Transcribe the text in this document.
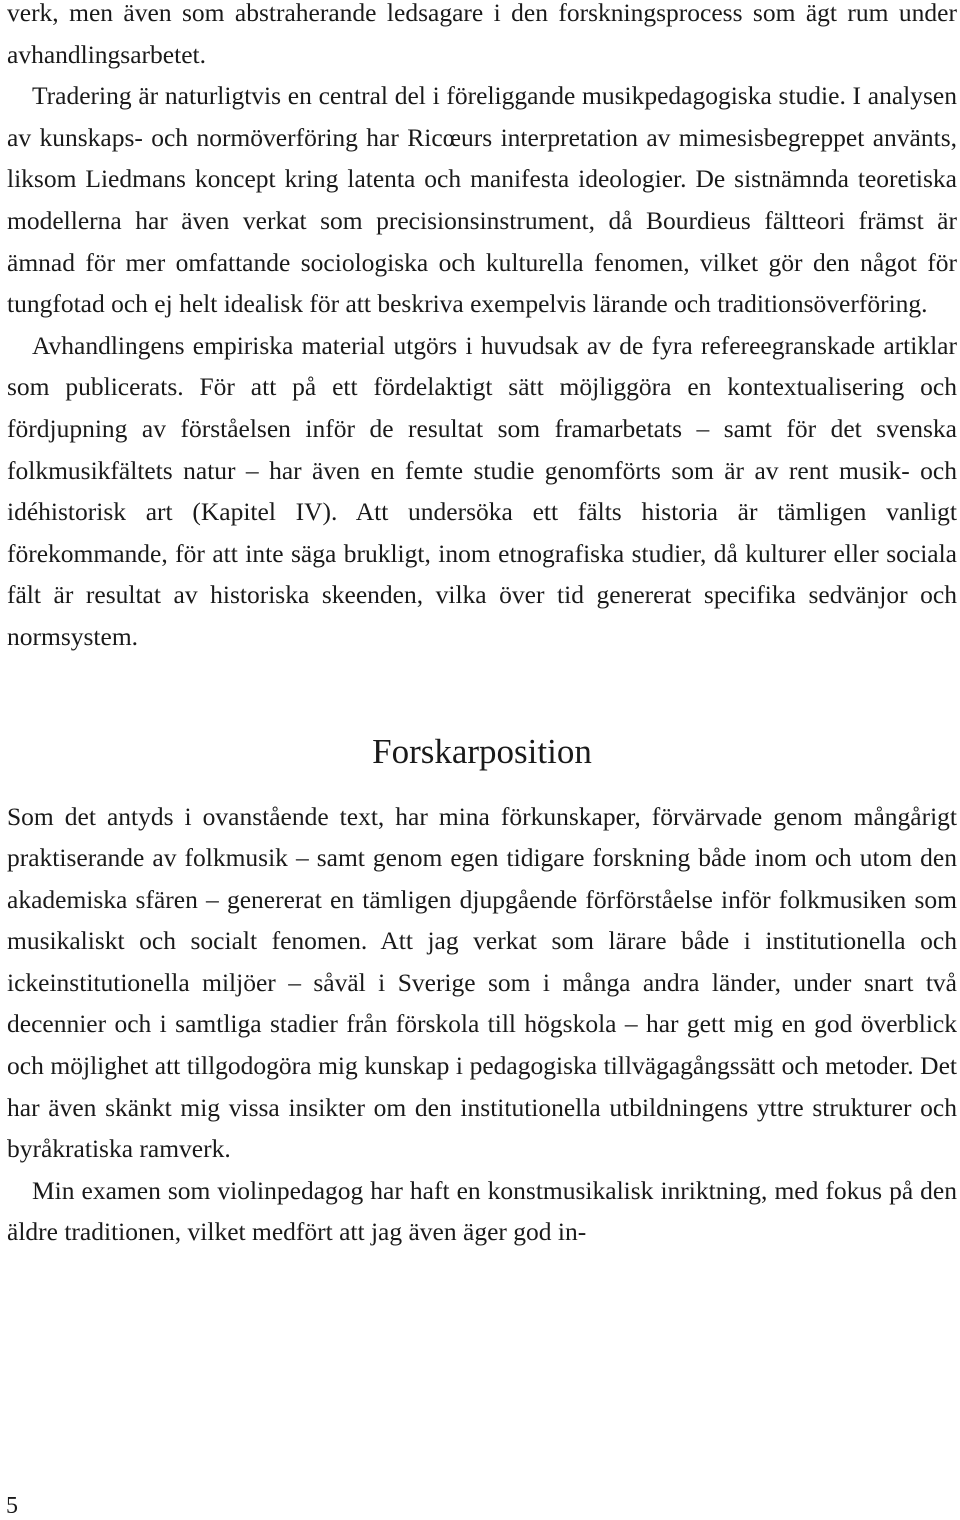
verk, men även som abstraherande ledsagare i den forskningsprocess som ägt rum under avhandlingsarbetet.

Tradering är naturligtvis en central del i föreliggande musikpedagogiska studie. I analysen av kunskaps- och normöverföring har Ricœurs interpretation av mimesisbegreppet använts, liksom Liedmans koncept kring latenta och manifesta ideologier. De sistnämnda teoretiska modellerna har även verkat som precisionsinstrument, då Bourdieus fältteori främst är ämnad för mer omfattande sociologiska och kulturella fenomen, vilket gör den något för tungfotad och ej helt idealisk för att beskriva exempelvis lärande och traditionsöverföring.

Avhandlingens empiriska material utgörs i huvudsak av de fyra refereegranskade artiklar som publicerats. För att på ett fördelaktigt sätt möjliggöra en kontextualisering och fördjupning av förståelsen inför de resultat som framarbetats – samt för det svenska folkmusikfältets natur – har även en femte studie genomförts som är av rent musik- och idéhistorisk art (Kapitel IV). Att undersöka ett fälts historia är tämligen vanligt förekommande, för att inte säga brukligt, inom etnografiska studier, då kulturer eller sociala fält är resultat av historiska skeenden, vilka över tid genererat specifika sedvänjor och normsystem.

Forskarposition

Som det antyds i ovanstående text, har mina förkunskaper, förvärvade genom mångårigt praktiserande av folkmusik – samt genom egen tidigare forskning både inom och utom den akademiska sfären – genererat en tämligen djupgående förförståelse inför folkmusiken som musikaliskt och socialt fenomen. Att jag verkat som lärare både i institutionella och ickeinstitutionella miljöer – såväl i Sverige som i många andra länder, under snart två decennier och i samtliga stadier från förskola till högskola – har gett mig en god överblick och möjlighet att tillgodogöra mig kunskap i pedagogiska tillvägagångssätt och metoder. Det har även skänkt mig vissa insikter om den institutionella utbildningens yttre strukturer och byråkratiska ramverk.

Min examen som violinpedagog har haft en konstmusikalisk inriktning, med fokus på den äldre traditionen, vilket medfört att jag även äger god in-

5
